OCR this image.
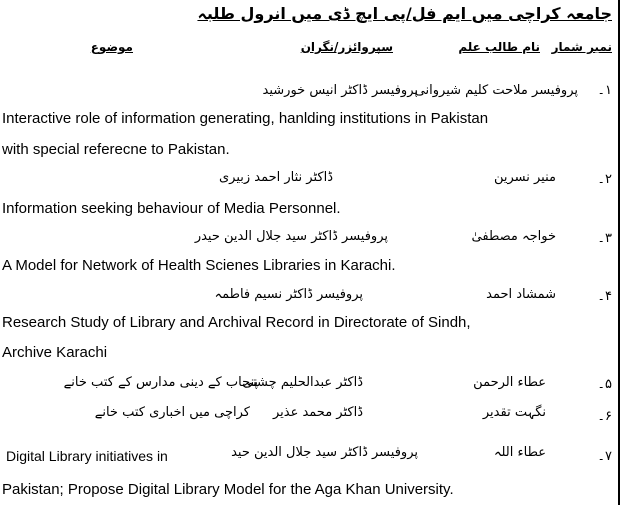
جامعہ کراچی میں ایم فل/پی ایچ ڈی میں انرول طلبہ
نمبر شمار
نام طالب علم
سپروائزر/نگران
موضوع
۱۔
پروفیسر ملاحت کلیم شیروانی
پروفیسر ڈاکٹر انیس خورشید
Interactive role of information generating, hanlding institutions in Pakistan
with special referecne to Pakistan.
۲۔
منیر نسرین
ڈاکٹر نثار احمد زبیری
Information seeking behaviour of Media Personnel.
۳۔
خواجہ مصطفیٰ
پروفیسر ڈاکٹر سید جلال الدین حیدر
A Model for Network of Health Scienes Libraries in Karachi.
۴۔
شمشاد احمد
پروفیسر ڈاکٹر نسیم فاطمہ
Research Study of Library and Archival Record in Directorate of Sindh,
Archive Karachi
۵۔
عطاء الرحمن
ڈاکٹر عبدالحلیم چشتی
پنجاب کے دینی مدارس کے کتب خانے
۶۔
نگہت تقدیر
ڈاکٹر محمد عذیر
کراچی میں اخباری کتب خانے
۷۔
عطاء اللہ
پروفیسر ڈاکٹر سید جلال الدین حید
Digital Library initiatives in
Pakistan; Propose Digital Library Model for the Aga Khan University.
